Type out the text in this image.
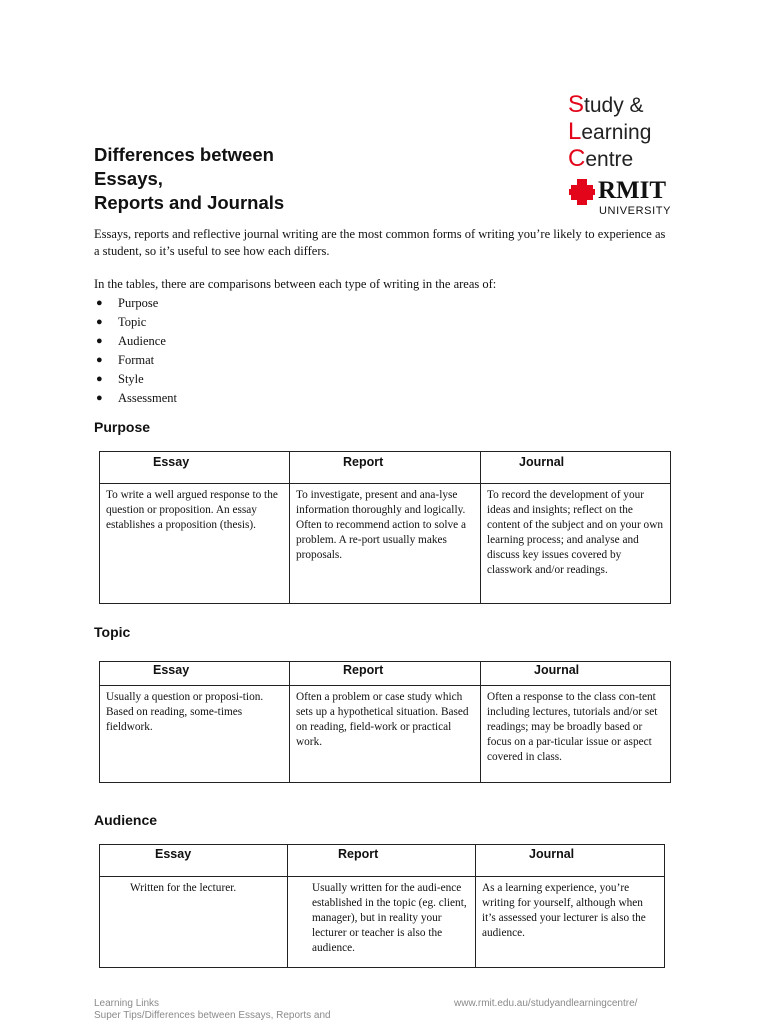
Study &
Learning
Centre
RMIT
UNIVERSITY
Differences between
Essays,
Reports and Journals

Essays, reports and reflective journal writing are the most common forms of writing you’re likely to experience as a student, so it’s useful to see how each differs.

In the tables, there are comparisons between each type of writing in the areas of:

● Purpose
● Topic
● Audience
● Format
● Style
● Assessment
Purpose
Essay	Report	Journal
To write a well argued response to the question or proposition. An essay establishes a proposition (thesis).	To investigate, present and ana-lyse information thoroughly and logically. Often to recommend action to solve a problem. A re-port usually makes proposals.	To record the development of your ideas and insights; reflect on the content of the subject and on your own learning process; and analyse and discuss key issues covered by classwork and/or readings.
Topic
Essay	Report	Journal
Usually a question or proposi-tion. Based on reading, some-times fieldwork.	Often a problem or case study which sets up a hypothetical situation. Based on reading, field-work or practical work.	Often a response to the class con-tent including lectures, tutorials and/or set readings; may be broadly based or focus on a par-ticular issue or aspect covered in class.
Audience
Essay	Report	Journal
Written for the lecturer.	Usually written for the audi-ence established in the topic (eg. client, manager), but in reality your lecturer or teacher is also the audience.	As a learning experience, you’re writing for yourself, although when it’s assessed your lecturer is also the audience.
Learning Links
Super Tips/Differences between Essays, Reports and
www.rmit.edu.au/studyandlearningcentre/
